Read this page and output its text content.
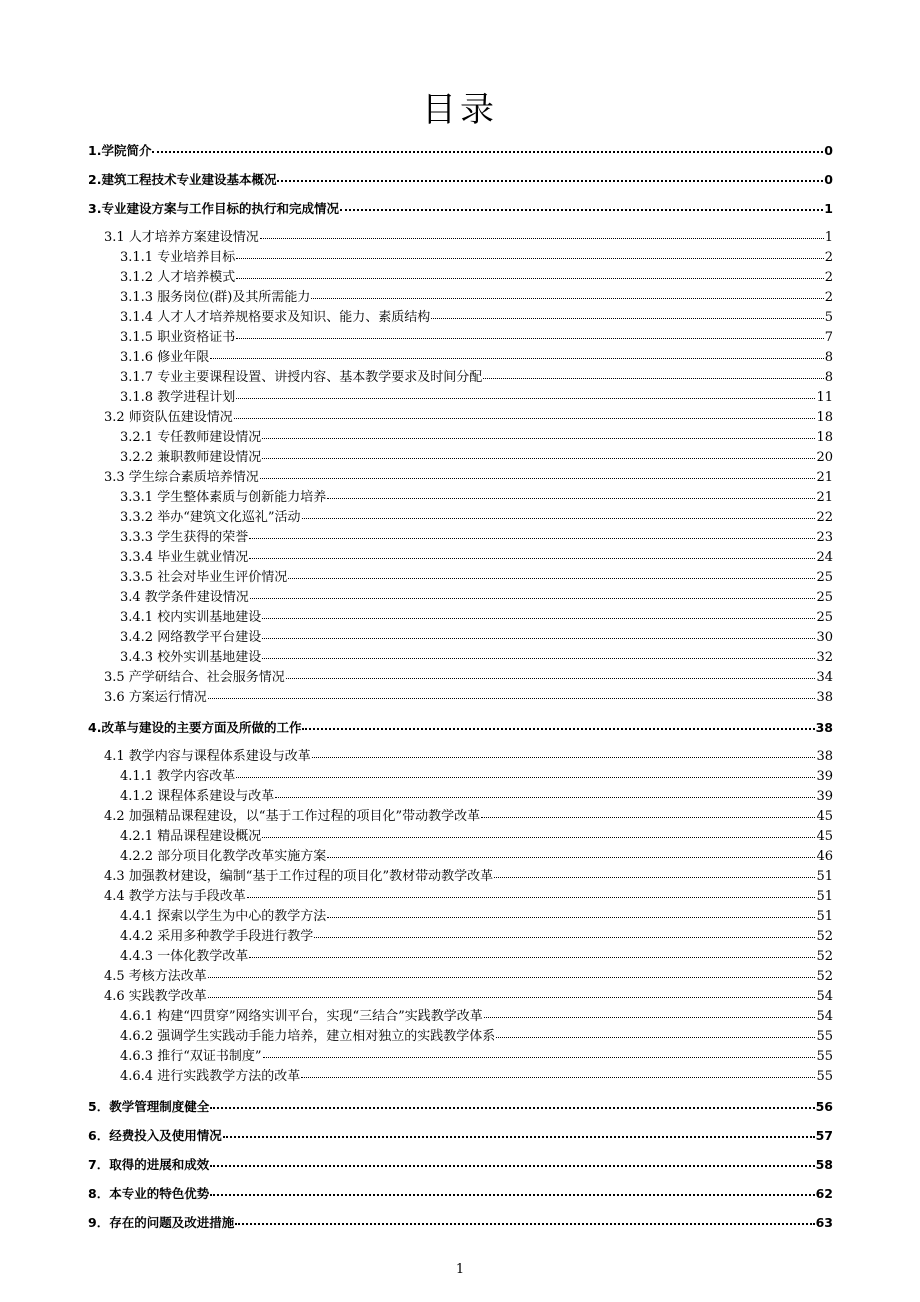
目录
1.学院简介	0
2.建筑工程技术专业建设基本概况	0
3.专业建设方案与工作目标的执行和完成情况	1
3.1 人才培养方案建设情况	1
3.1.1 专业培养目标	2
3.1.2 人才培养模式	2
3.1.3 服务岗位(群)及其所需能力	2
3.1.4 人才人才培养规格要求及知识、能力、素质结构	5
3.1.5 职业资格证书	7
3.1.6 修业年限	8
3.1.7 专业主要课程设置、讲授内容、基本教学要求及时间分配	8
3.1.8 教学进程计划	11
3.2 师资队伍建设情况	18
3.2.1 专任教师建设情况	18
3.2.2 兼职教师建设情况	20
3.3 学生综合素质培养情况	21
3.3.1 学生整体素质与创新能力培养	21
3.3.2 举办“建筑文化巡礼”活动	22
3.3.3 学生获得的荣誉	23
3.3.4 毕业生就业情况	24
3.3.5 社会对毕业生评价情况	25
3.4 教学条件建设情况	25
3.4.1 校内实训基地建设	25
3.4.2 网络教学平台建设	30
3.4.3 校外实训基地建设	32
3.5 产学研结合、社会服务情况	34
3.6 方案运行情况	38
4.改革与建设的主要方面及所做的工作	38
4.1 教学内容与课程体系建设与改革	38
4.1.1 教学内容改革	39
4.1.2 课程体系建设与改革	39
4.2 加强精品课程建设，以“基于工作过程的项目化”带动教学改革	45
4.2.1 精品课程建设概况	45
4.2.2 部分项目化教学改革实施方案	46
4.3 加强教材建设，编制“基于工作过程的项目化”教材带动教学改革	51
4.4 教学方法与手段改革	51
4.4.1 探索以学生为中心的教学方法	51
4.4.2 采用多种教学手段进行教学	52
4.4.3 一体化教学改革	52
4.5 考核方法改革	52
4.6 实践教学改革	54
4.6.1 构建“四贯穿”网络实训平台，实现“三结合”实践教学改革	54
4.6.2 强调学生实践动手能力培养，建立相对独立的实践教学体系	55
4.6.3 推行“双证书制度”	55
4.6.4 进行实践教学方法的改革	55
5．教学管理制度健全	56
6．经费投入及使用情况	57
7．取得的进展和成效	58
8．本专业的特色优势	62
9．存在的问题及改进措施	63
1
